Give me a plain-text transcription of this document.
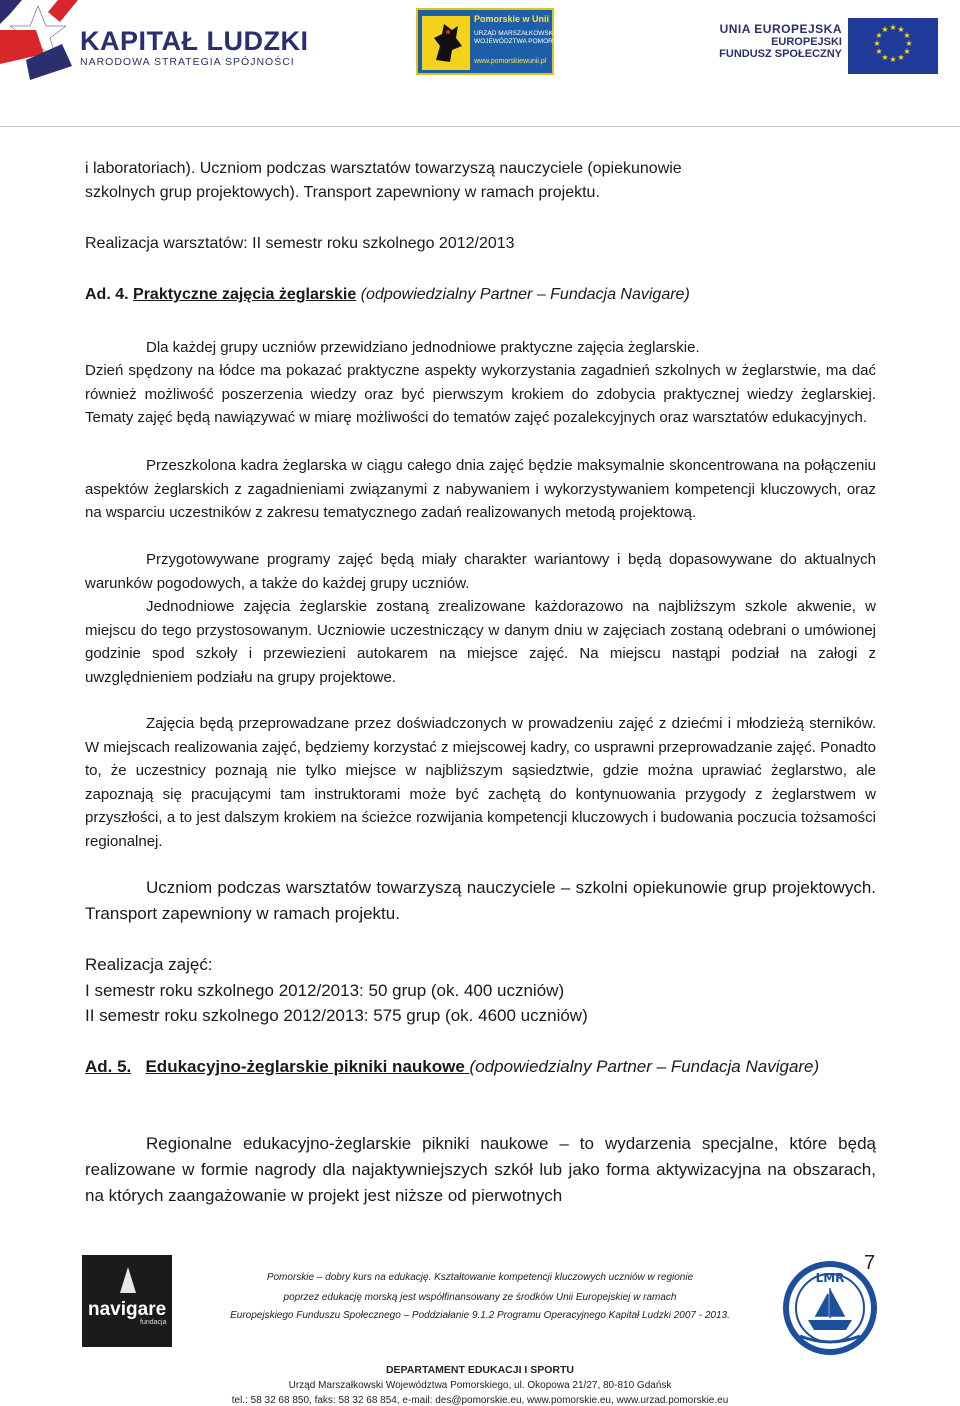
KAPITAŁ LUDZKI
NARODOWA STRATEGIA SPÓJNOŚCI
Pomorskie w Unii
URZĄD MARSZAŁKOWSKI
WOJEWÓDZTWA POMORSKIEGO
www.pomorskiewunii.pl
UNIA EUROPEJSKA
EUROPEJSKI
FUNDUSZ SPOŁECZNY
★ ★
★
★
★
★
★
★
★
★
★
★
i laboratoriach). Uczniom podczas warsztatów towarzyszą nauczyciele (opiekunowie
szkolnych grup projektowych). Transport zapewniony w ramach projektu.
Realizacja warsztatów: II semestr roku szkolnego 2012/2013
Ad. 4. Praktyczne zajęcia żeglarskie (odpowiedzialny Partner – Fundacja Navigare)
Dla każdej grupy uczniów przewidziano jednodniowe praktyczne zajęcia żeglarskie.
Dzień spędzony na łódce ma pokazać praktyczne aspekty wykorzystania zagadnień szkolnych w żeglarstwie, ma dać również możliwość poszerzenia wiedzy oraz być pierwszym krokiem do zdobycia praktycznej wiedzy żeglarskiej. Tematy zajęć będą nawiązywać w miarę możliwości do tematów zajęć pozalekcyjnych oraz warsztatów edukacyjnych.
Przeszkolona kadra żeglarska w ciągu całego dnia zajęć będzie maksymalnie skoncentrowana na połączeniu aspektów żeglarskich z zagadnieniami związanymi z nabywaniem i wykorzystywaniem kompetencji kluczowych, oraz na wsparciu uczestników z zakresu tematycznego zadań realizowanych metodą projektową.
Przygotowywane programy zajęć będą miały charakter wariantowy i będą dopasowywane do aktualnych warunków pogodowych, a także do każdej grupy uczniów.
Jednodniowe zajęcia żeglarskie zostaną zrealizowane każdorazowo na najbliższym szkole akwenie, w miejscu do tego przystosowanym. Uczniowie uczestniczący w danym dniu w zajęciach zostaną odebrani o umówionej godzinie spod szkoły i przewiezieni autokarem na miejsce zajęć. Na miejscu nastąpi podział na załogi z uwzględnieniem podziału na grupy projektowe.
Zajęcia będą przeprowadzane przez doświadczonych w prowadzeniu zajęć z dziećmi i młodzieżą sterników. W miejscach realizowania zajęć, będziemy korzystać z miejscowej kadry, co usprawni przeprowadzanie zajęć. Ponadto to, że uczestnicy poznają nie tylko miejsce w najbliższym sąsiedztwie, gdzie można uprawiać żeglarstwo, ale zapoznają się pracującymi tam instruktorami może być zachętą do kontynuowania przygody z żeglarstwem w przyszłości, a to jest dalszym krokiem na ścieżce rozwijania kompetencji kluczowych i budowania poczucia tożsamości regionalnej.
Uczniom podczas warsztatów towarzyszą nauczyciele – szkolni opiekunowie grup projektowych. Transport zapewniony w ramach projektu.
Realizacja zajęć:
I semestr roku szkolnego 2012/2013: 50 grup (ok. 400 uczniów)
II semestr roku szkolnego 2012/2013: 575 grup (ok. 4600 uczniów)
Ad. 5. Edukacyjno-żeglarskie pikniki naukowe (odpowiedzialny Partner – Fundacja Navigare)
Regionalne edukacyjno-żeglarskie pikniki naukowe – to wydarzenia specjalne, które będą realizowane w formie nagrody dla najaktywniejszych szkół lub jako forma aktywizacyjna na obszarach, na których zaangażowanie w projekt jest niższe od pierwotnych
navigare
fundacja
Pomorskie – dobry kurs na edukację. Kształtowanie kompetencji kluczowych uczniów w regionie
poprzez edukację morską jest współfinansowany ze środków Unii Europejskiej w ramach
Europejskiego Funduszu Społecznego – Poddziałanie 9.1.2 Programu Operacyjnego Kapitał Ludzki 2007 - 2013.
DEPARTAMENT EDUKACJI I SPORTU
Urząd Marszałkowski Województwa Pomorskiego, ul. Okopowa 21/27, 80-810 Gdańsk
tel.: 58 32 68 850, faks: 58 32 68 854, e-mail: des@pomorskie.eu, www.pomorskie.eu, www.urzad.pomorskie.eu
7
LMR
